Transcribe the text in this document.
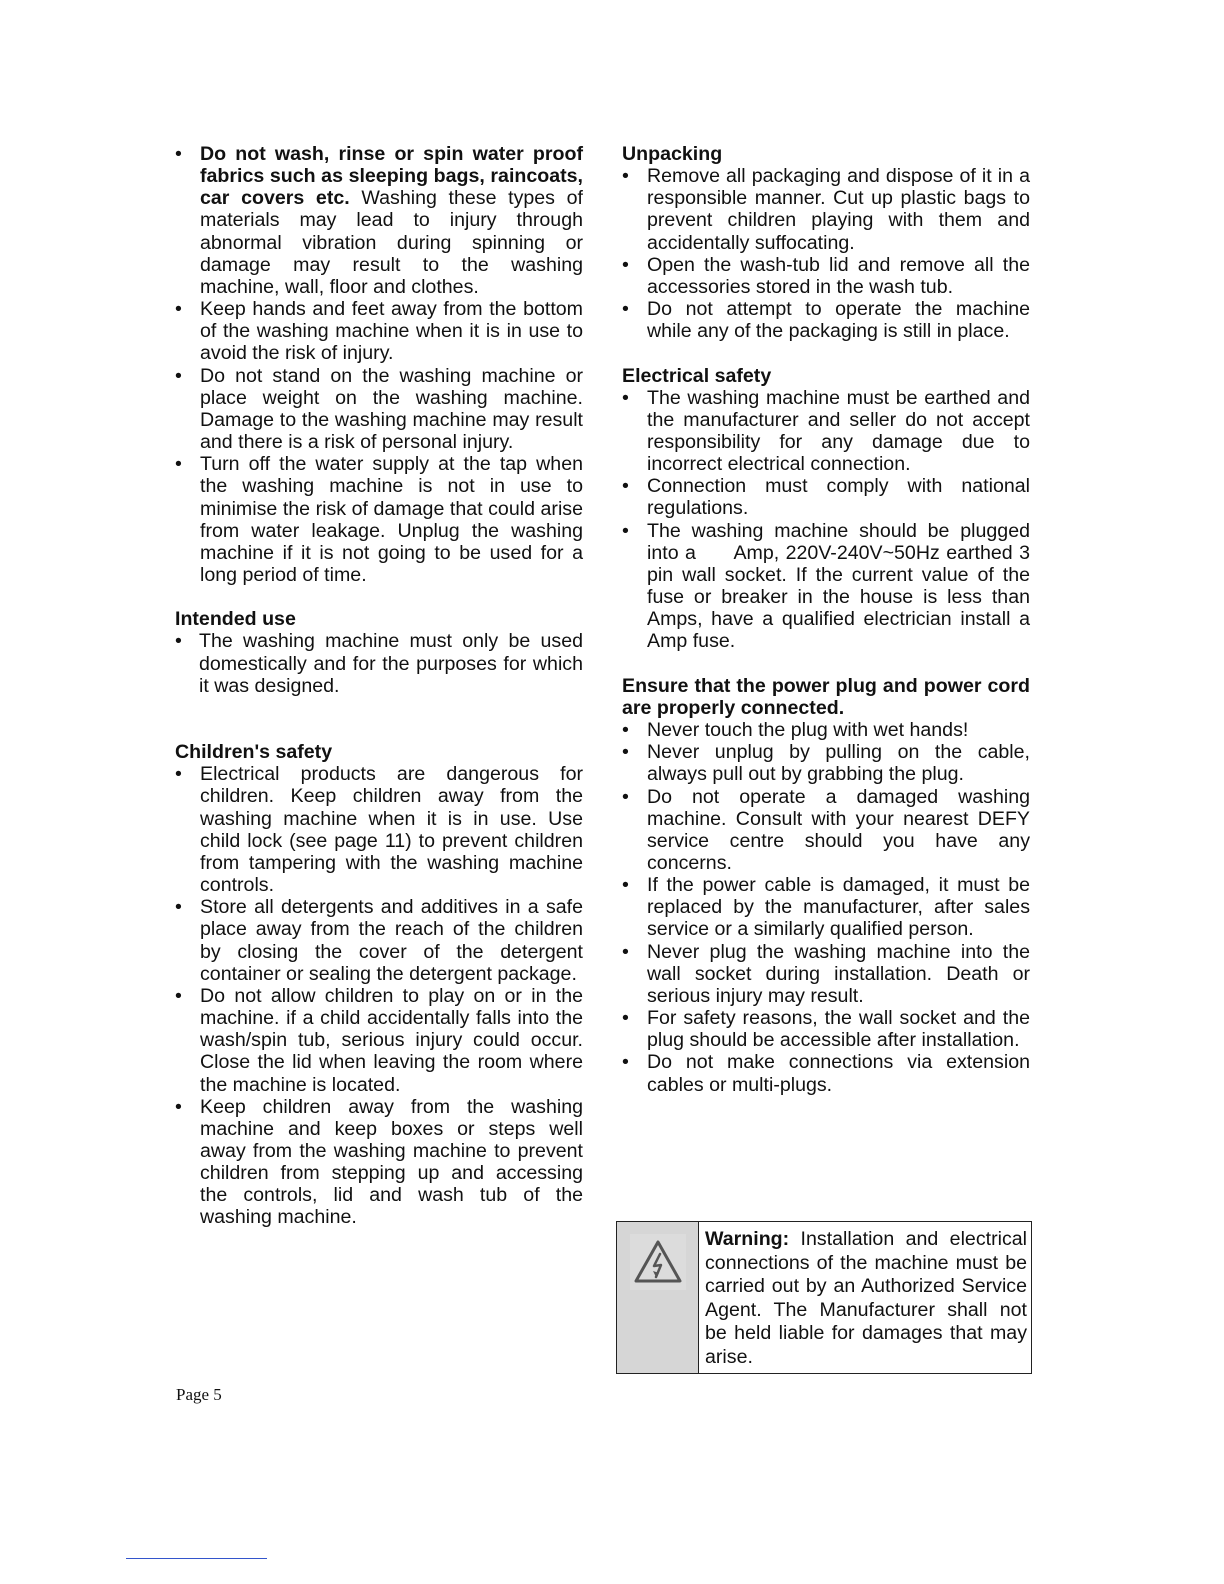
• Do not wash, rinse or spin water proof fabrics such as sleeping bags, raincoats, car covers etc. Washing these types of materials may lead to injury through abnormal vibration during spinning or damage may result to the washing machine, wall, floor and clothes.
• Keep hands and feet away from the bottom of the washing machine when it is in use to avoid the risk of injury.
• Do not stand on the washing machine or place weight on the washing machine. Damage to the washing machine may result and there is a risk of personal injury.
• Turn off the water supply at the tap when the washing machine is not in use to minimise the risk of damage that could arise from water leakage. Unplug the washing machine if it is not going to be used for a long period of time.

Intended use

• The washing machine must only be used domestically and for the purposes for which it was designed.

Children's safety

• Electrical products are dangerous for children. Keep children away from the washing machine when it is in use. Use child lock (see page 11) to prevent children from tampering with the washing machine controls.
• Store all detergents and additives in a safe place away from the reach of the children by closing the cover of the detergent container or sealing the detergent package.
• Do not allow children to play on or in the machine. if a child accidentally falls into the wash/spin tub, serious injury could occur. Close the lid when leaving the room where the machine is located.
• Keep children away from the washing machine and keep boxes or steps well away from the washing machine to prevent children from stepping up and accessing the controls, lid and wash tub of the washing machine.

Unpacking

• Remove all packaging and dispose of it in a responsible manner. Cut up plastic bags to prevent children playing with them and accidentally suffocating.
• Open the wash-tub lid and remove all the accessories stored in the wash tub.
• Do not attempt to operate the machine while any of the packaging is still in place.

Electrical safety

• The washing machine must be earthed and the manufacturer and seller do not accept responsibility for any damage due to incorrect electrical connection.
• Connection must comply with national regulations.
• The washing machine should be plugged into a      Amp, 220V-240V~50Hz earthed 3 pin wall socket. If the current value of the fuse or breaker in the house is less than      Amps, have a qualified electrician install a      Amp fuse.

Ensure that the power plug and power cord are properly connected.

• Never touch the plug with wet hands!
• Never unplug by pulling on the cable, always pull out by grabbing the plug.
• Do not operate a damaged washing machine. Consult with your nearest DEFY service centre should you have any concerns.
• If the power cable is damaged, it must be replaced by the manufacturer, after sales service or a similarly qualified person.
• Never plug the washing machine into the wall socket during installation. Death or serious injury may result.
• For safety reasons, the wall socket and the plug should be accessible after installation.
• Do not make connections via extension cables or multi-plugs.
Warning: Installation and electrical connections of the machine must be carried out by an Authorized Service Agent. The Manufacturer shall not be held liable for damages that may arise.
Page 5
